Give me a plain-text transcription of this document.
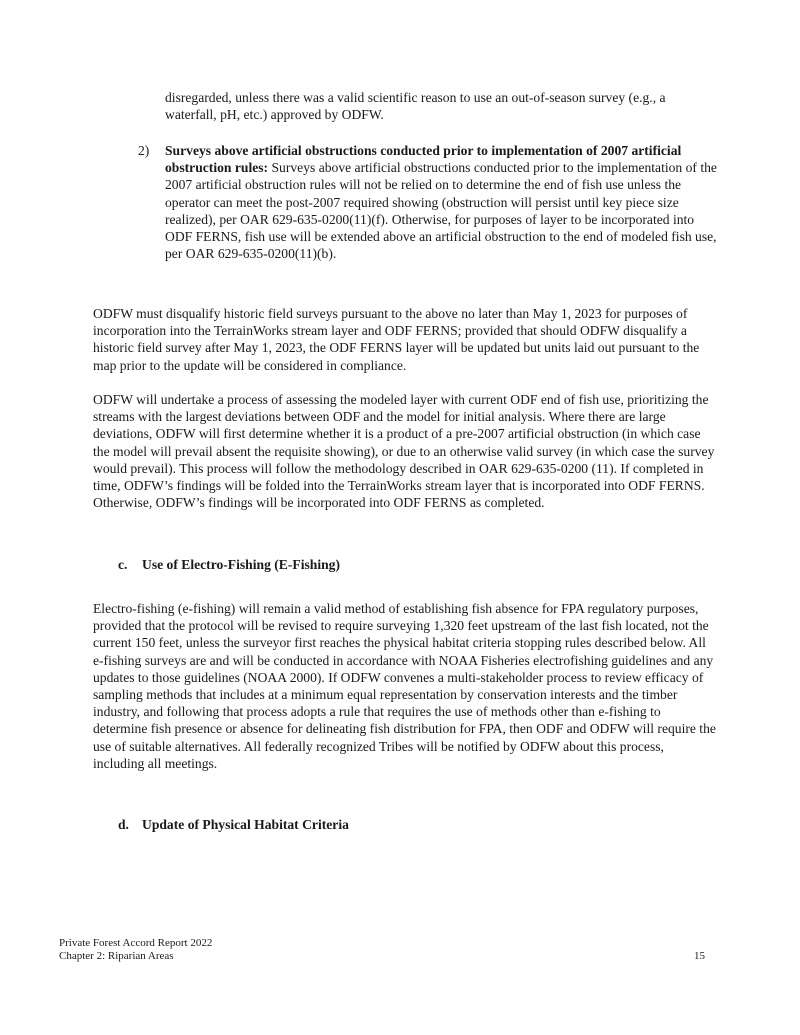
disregarded, unless there was a valid scientific reason to use an out-of-season survey (e.g., a waterfall, pH, etc.) approved by ODFW.

2) Surveys above artificial obstructions conducted prior to implementation of 2007 artificial obstruction rules: Surveys above artificial obstructions conducted prior to the implementation of the 2007 artificial obstruction rules will not be relied on to determine the end of fish use unless the operator can meet the post-2007 required showing (obstruction will persist until key piece size realized), per OAR 629-635-0200(11)(f). Otherwise, for purposes of layer to be incorporated into ODF FERNS, fish use will be extended above an artificial obstruction to the end of modeled fish use, per OAR 629-635-0200(11)(b).

ODFW must disqualify historic field surveys pursuant to the above no later than May 1, 2023 for purposes of incorporation into the TerrainWorks stream layer and ODF FERNS; provided that should ODFW disqualify a historic field survey after May 1, 2023, the ODF FERNS layer will be updated but units laid out pursuant to the map prior to the update will be considered in compliance.

ODFW will undertake a process of assessing the modeled layer with current ODF end of fish use, prioritizing the streams with the largest deviations between ODF and the model for initial analysis. Where there are large deviations, ODFW will first determine whether it is a product of a pre-2007 artificial obstruction (in which case the model will prevail absent the requisite showing), or due to an otherwise valid survey (in which case the survey would prevail). This process will follow the methodology described in OAR 629-635-0200 (11). If completed in time, ODFW’s findings will be folded into the TerrainWorks stream layer that is incorporated into ODF FERNS. Otherwise, ODFW’s findings will be incorporated into ODF FERNS as completed.

c. Use of Electro-Fishing (E-Fishing)

Electro-fishing (e-fishing) will remain a valid method of establishing fish absence for FPA regulatory purposes, provided that the protocol will be revised to require surveying 1,320 feet upstream of the last fish located, not the current 150 feet, unless the surveyor first reaches the physical habitat criteria stopping rules described below. All e-fishing surveys are and will be conducted in accordance with NOAA Fisheries electrofishing guidelines and any updates to those guidelines (NOAA 2000). If ODFW convenes a multi-stakeholder process to review efficacy of sampling methods that includes at a minimum equal representation by conservation interests and the timber industry, and following that process adopts a rule that requires the use of methods other than e-fishing to determine fish presence or absence for delineating fish distribution for FPA, then ODF and ODFW will require the use of suitable alternatives. All federally recognized Tribes will be notified by ODFW about this process, including all meetings.

d. Update of Physical Habitat Criteria
Private Forest Accord Report 2022
Chapter 2: Riparian Areas	15
